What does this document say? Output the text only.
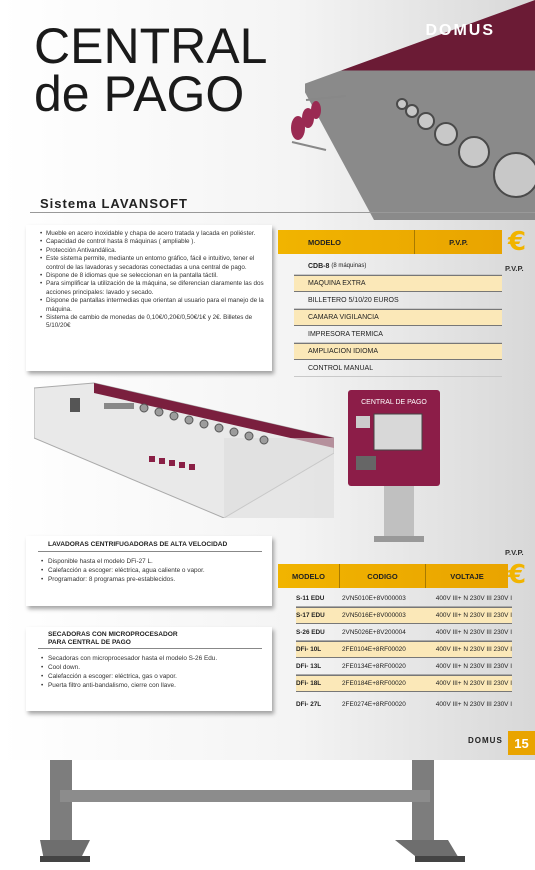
CENTRAL
de PAGO
DOMUS
Sistema LAVANSOFT
• Mueble en acero inoxidable y chapa de acero tratada y lacada en poliéster.
• Capacidad de control hasta 8 máquinas ( ampliable ).
• Protección Antivandálica.
• Este sistema permite, mediante un entorno gráfico, fácil e intuitivo, tener el control de las lavadoras y secadoras conectadas a una central de pago.
• Dispone de 8 idiomas que se seleccionan en la pantalla táctil.
• Para simplificar la utilización de la máquina, se diferencian claramente las dos acciones principales: lavado y secado.
• Dispone de pantallas intermedias que orientan al usuario para el manejo de la máquina.
• Sistema de cambio de monedas de 0,10€/0,20€/0,50€/1€ y 2€. Billetes de 5/10/20€
MODELO	P.V.P.	€
P.V.P.
CDB-8
(8 máquinas)
MAQUINA EXTRA
BILLETERO 5/10/20 EUROS
CAMARA VIGILANCIA
IMPRESORA TERMICA
AMPLIACION IDIOMA
CONTROL MANUAL
CENTRAL DE PAGO
LAVADORAS CENTRIFUGADORAS DE ALTA VELOCIDAD
• Disponible hasta el modelo DFi-27 L.
• Calefacción a escoger: eléctrica, agua caliente o vapor.
• Programador: 8 programas pre-establecidos.
SECADORAS CON MICROPROCESADOR
PARA CENTRAL DE PAGO
• Secadoras con microprocesador hasta el modelo S-26 Edu.
• Cool down.
• Calefacción a escoger: eléctrica, gas o vapor.
• Puerta filtro anti-bandalismo, cierre con llave.
P.V.P.
MODELO	CODIGO	VOLTAJE €
S-11 EDU	2VN5010E+8V000003	400V III+ N 230V III 230V I
S-17 EDU	2VN5016E+8V000003	400V III+ N 230V III 230V I
S-26 EDU	2VN5026E+8V200004	400V III+ N 230V III 230V I
DFi- 10L	2FE0104E+8RF00020	400V III+ N 230V III 230V I
DFi- 13L	2FE0134E+8RF00020	400V III+ N 230V III 230V I
DFi- 18L	2FE0184E+8RF00020	400V III+ N 230V III 230V I
DFi- 27L	2FE0274E+8RF00020	400V III+ N 230V III 230V I
DOMUS 15
